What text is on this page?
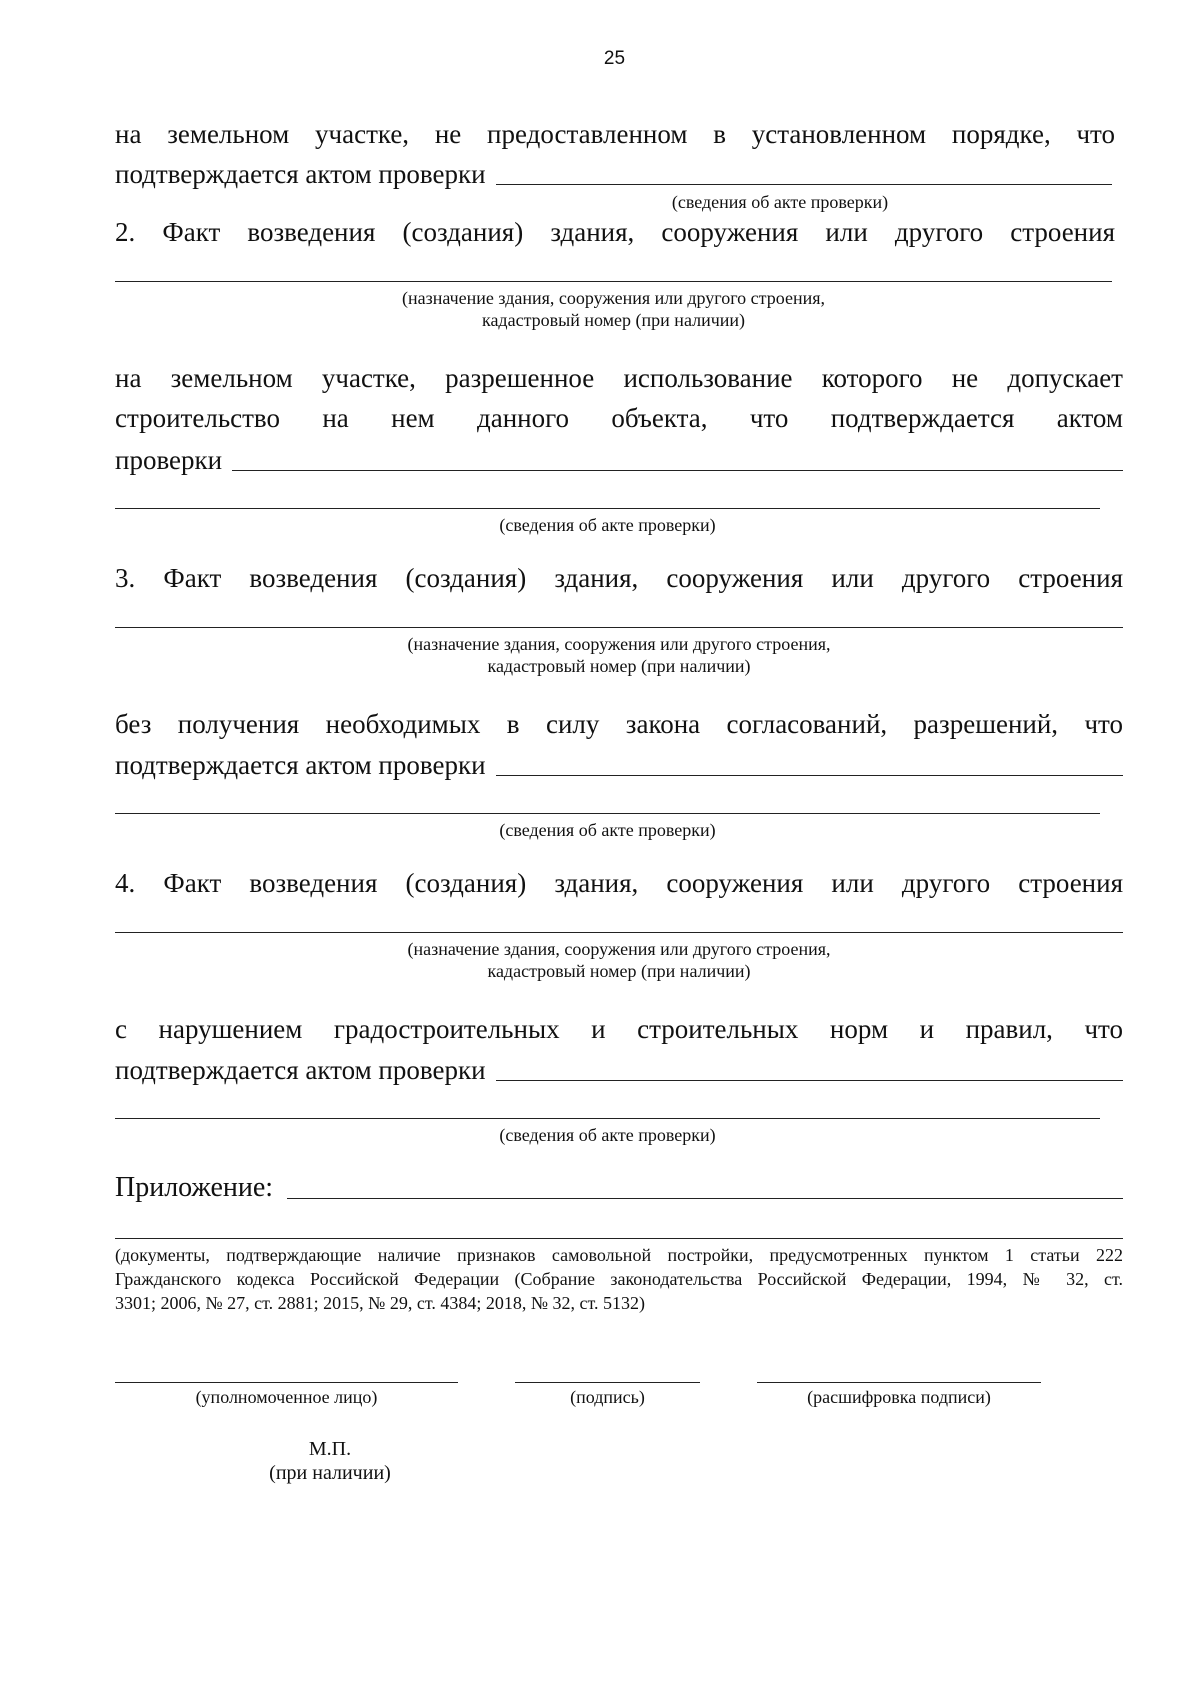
25
на земельном участке, не предоставленном в установленном порядке, что
подтверждается актом проверки
(сведения об акте проверки)
2. Факт возведения (создания) здания, сооружения или другого строения
(назначение здания, сооружения или другого строения,
кадастровый номер (при наличии)
на земельном участке, разрешенное использование которого не допускает
строительство на нем данного объекта, что подтверждается актом
проверки
(сведения об акте проверки)
3. Факт возведения (создания) здания, сооружения или другого строения
(назначение здания, сооружения или другого строения,
кадастровый номер (при наличии)
без получения необходимых в силу закона согласований, разрешений, что
подтверждается актом проверки
(сведения об акте проверки)
4. Факт возведения (создания) здания, сооружения или другого строения
(назначение здания, сооружения или другого строения,
кадастровый номер (при наличии)
с нарушением градостроительных и строительных норм и правил, что
подтверждается актом проверки
(сведения об акте проверки)
Приложение:
(документы, подтверждающие наличие признаков самовольной постройки, предусмотренных пунктом 1 статьи 222
Гражданского кодекса Российской Федерации (Собрание законодательства Российской Федерации, 1994, № 32, ст.
3301; 2006, № 27, ст. 2881; 2015, № 29, ст. 4384; 2018, № 32, ст. 5132)
(уполномоченное лицо)	(подпись)	(расшифровка подписи)
М.П.
(при наличии)
